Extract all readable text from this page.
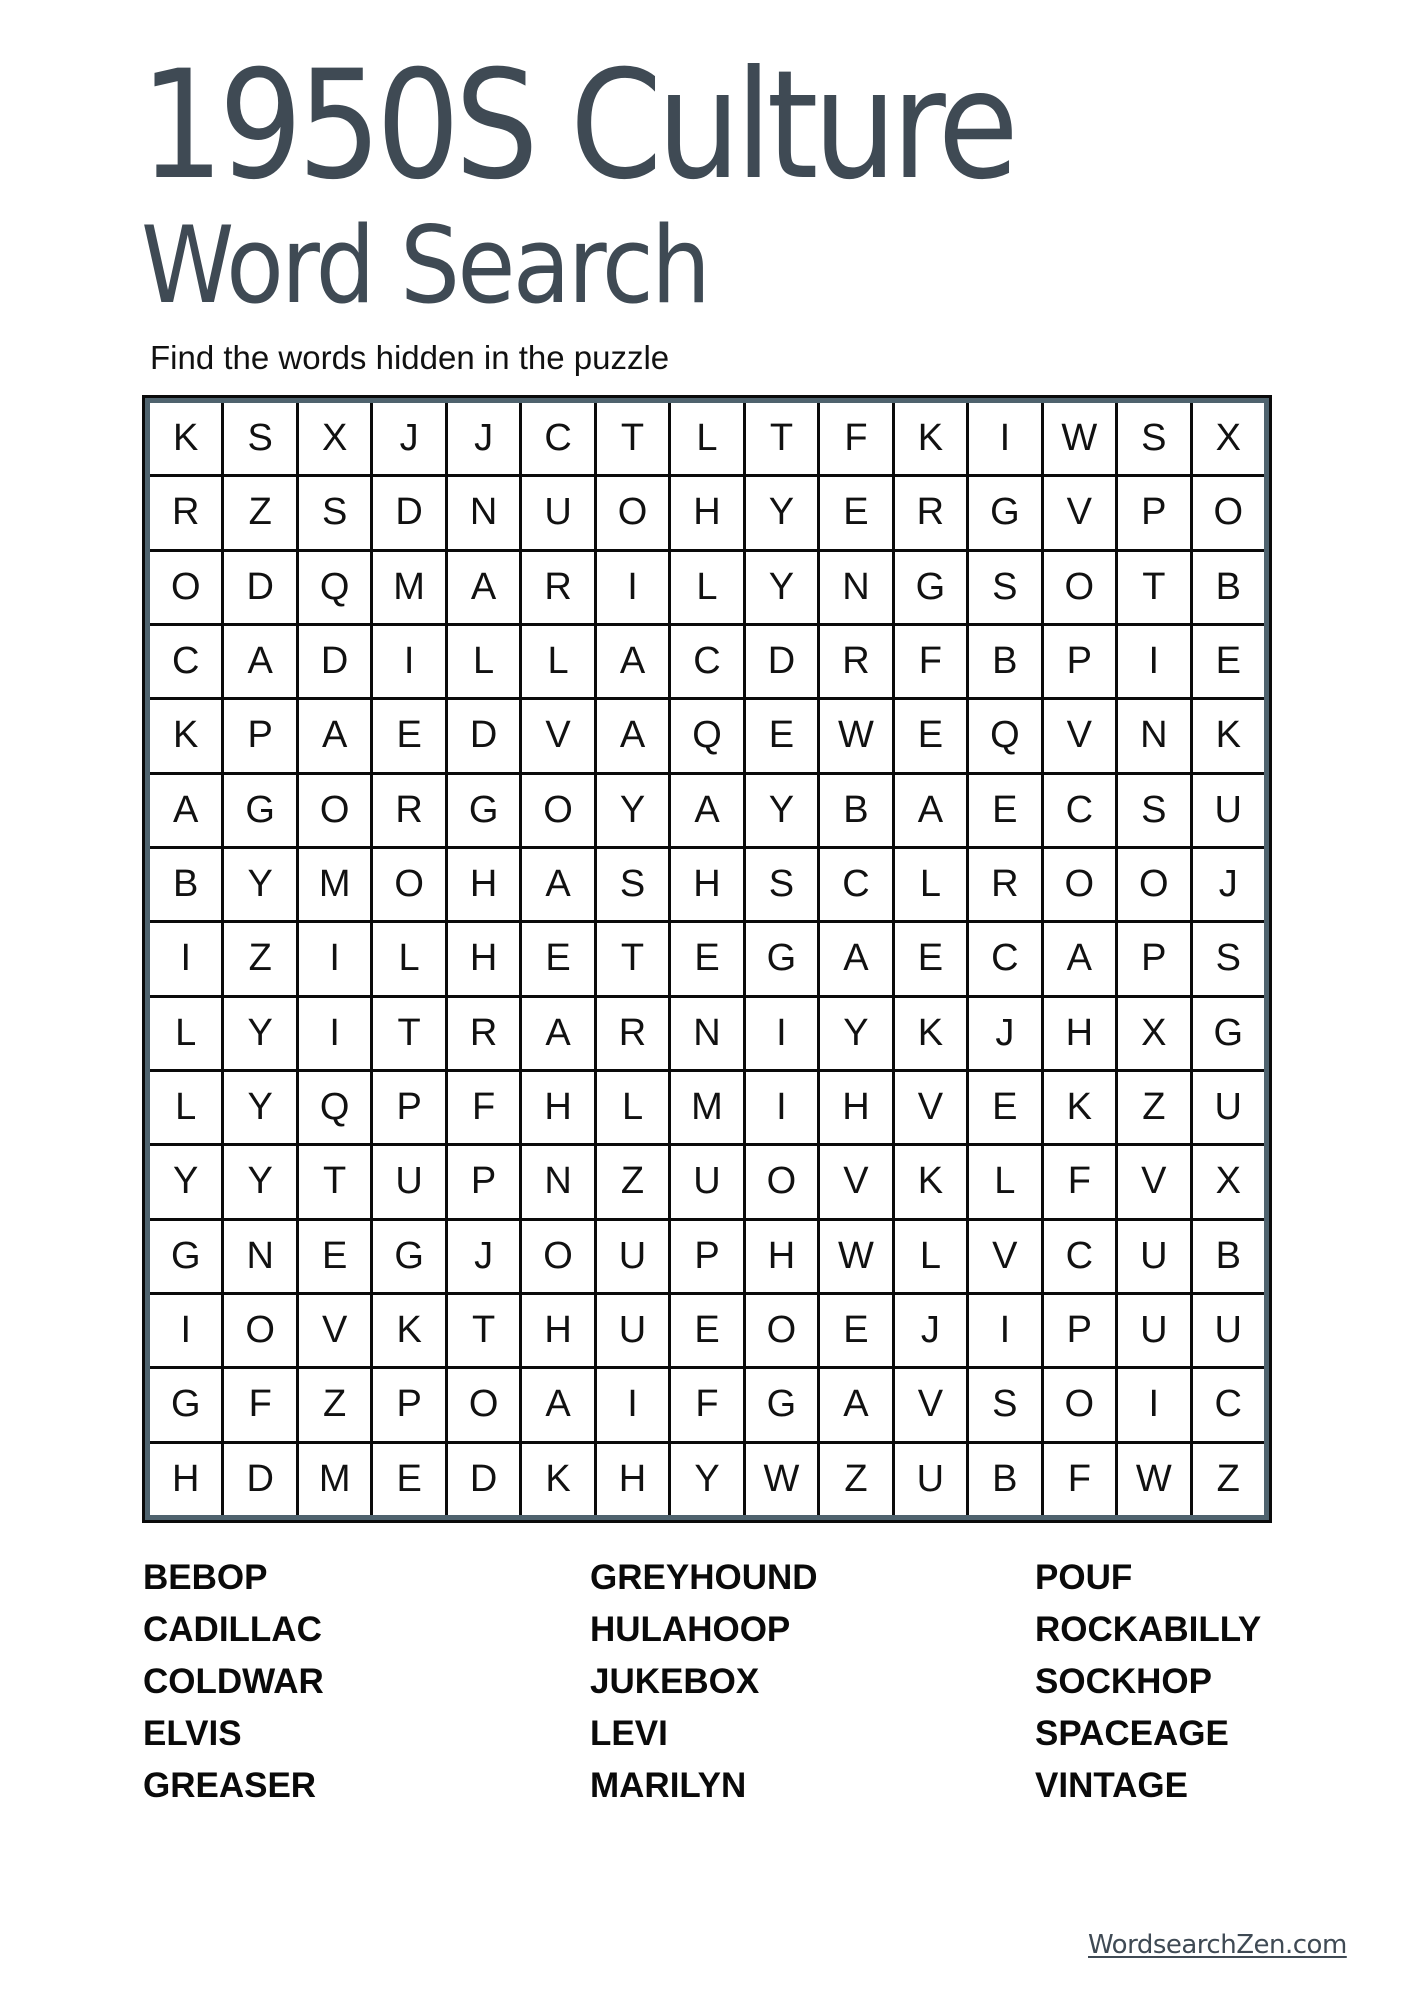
1950S Culture
Word Search

Find the words hidden in the puzzle

K	S	X	J	J	C	T	L	T	F	K	I	W	S	X
R	Z	S	D	N	U	O	H	Y	E	R	G	V	P	O
O	D	Q	M	A	R	I	L	Y	N	G	S	O	T	B
C	A	D	I	L	L	A	C	D	R	F	B	P	I	E
K	P	A	E	D	V	A	Q	E	W	E	Q	V	N	K
A	G	O	R	G	O	Y	A	Y	B	A	E	C	S	U
B	Y	M	O	H	A	S	H	S	C	L	R	O	O	J
I	Z	I	L	H	E	T	E	G	A	E	C	A	P	S
L	Y	I	T	R	A	R	N	I	Y	K	J	H	X	G
L	Y	Q	P	F	H	L	M	I	H	V	E	K	Z	U
Y	Y	T	U	P	N	Z	U	O	V	K	L	F	V	X
G	N	E	G	J	O	U	P	H	W	L	V	C	U	B
I	O	V	K	T	H	U	E	O	E	J	I	P	U	U
G	F	Z	P	O	A	I	F	G	A	V	S	O	I	C
H	D	M	E	D	K	H	Y	W	Z	U	B	F	W	Z
BEBOP
CADILLAC
COLDWAR
ELVIS
GREASER
GREYHOUND
HULAHOOP
JUKEBOX
LEVI
MARILYN
POUF
ROCKABILLY
SOCKHOP
SPACEAGE
VINTAGE
WordsearchZen.com
